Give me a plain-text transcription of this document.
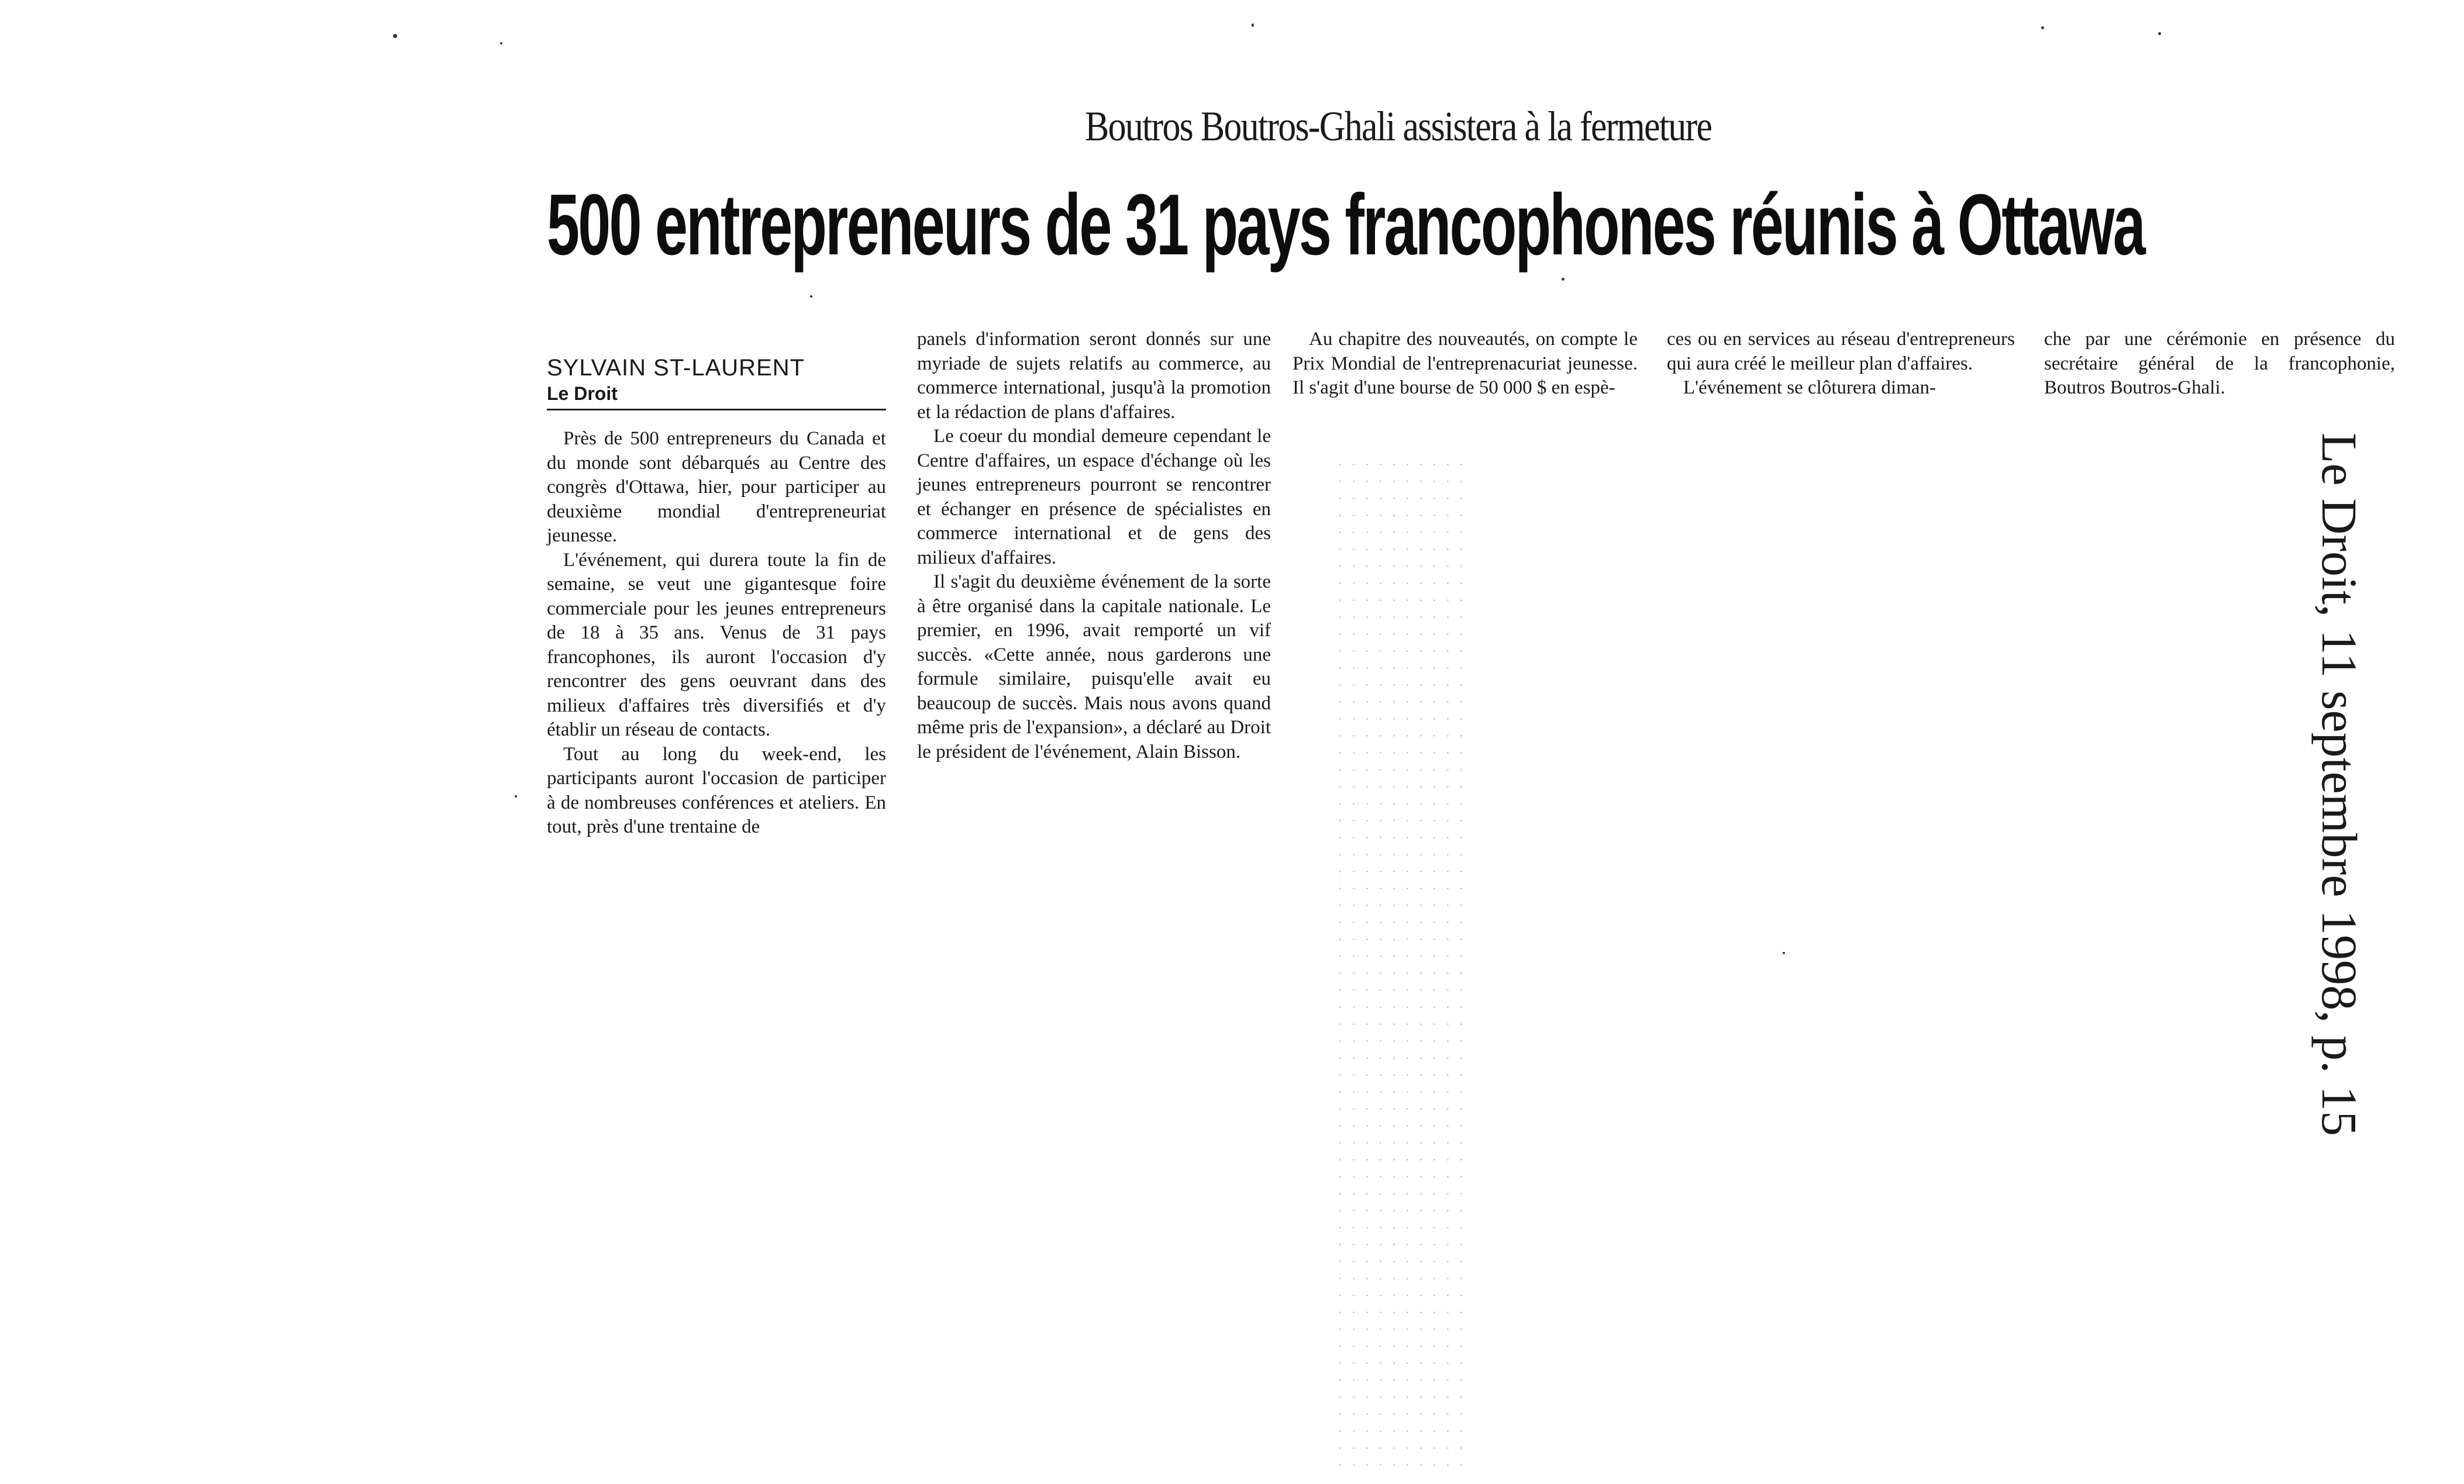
Boutros Boutros-Ghali assistera à la fermeture
500 entrepreneurs de 31 pays francophones réunis à Ottawa
SYLVAIN ST-LAURENT
Le Droit

Près de 500 entrepreneurs du Canada et du monde sont débarqués au Centre des congrès d'Ottawa, hier, pour participer au deuxième mondial d'entrepreneuriat jeunesse.

L'événement, qui durera toute la fin de semaine, se veut une gigantesque foire commerciale pour les jeunes entrepreneurs de 18 à 35 ans. Venus de 31 pays francophones, ils auront l'occasion d'y rencontrer des gens oeuvrant dans des milieux d'affaires très diversifiés et d'y établir un réseau de contacts.

Tout au long du week-end, les participants auront l'occasion de participer à de nombreuses conférences et ateliers. En tout, près d'une trentaine de

panels d'information seront donnés sur une myriade de sujets relatifs au commerce, au commerce international, jusqu'à la promotion et la rédaction de plans d'affaires.

Le coeur du mondial demeure cependant le Centre d'affaires, un espace d'échange où les jeunes entrepreneurs pourront se rencontrer et échanger en présence de spécialistes en commerce international et de gens des milieux d'affaires.

Il s'agit du deuxième événement de la sorte à être organisé dans la capitale nationale. Le premier, en 1996, avait remporté un vif succès. «Cette année, nous garderons une formule similaire, puisqu'elle avait eu beaucoup de succès. Mais nous avons quand même pris de l'expansion», a déclaré au Droit le président de l'événement, Alain Bisson.

Au chapitre des nouveautés, on compte le Prix Mondial de l'entreprenacuriat jeunesse. Il s'agit d'une bourse de 50 000 $ en espè-

ces ou en services au réseau d'entrepreneurs qui aura créé le meilleur plan d'affaires.

L'événement se clôturera diman-

che par une cérémonie en présence du secrétaire général de la francophonie, Boutros Boutros-Ghali.

Le Droit, 11 septembre 1998, p. 15
